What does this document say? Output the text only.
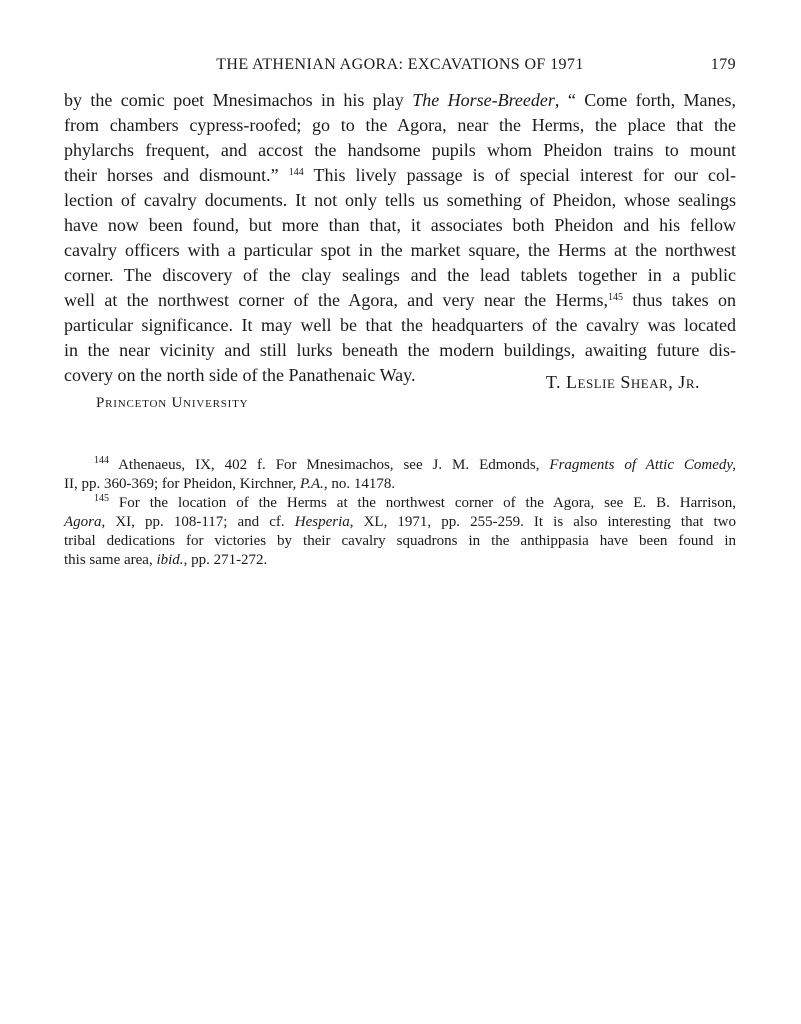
THE ATHENIAN AGORA: EXCAVATIONS OF 1971	179
by the comic poet Mnesimachos in his play The Horse-Breeder, “ Come forth, Manes,
from chambers cypress-roofed; go to the Agora, near the Herms, the place that the
phylarchs frequent, and accost the handsome pupils whom Pheidon trains to mount
their horses and dismount.” $^{144}$ This lively passage is of special interest for our col-
lection of cavalry documents. It not only tells us something of Pheidon, whose sealings
have now been found, but more than that, it associates both Pheidon and his fellow
cavalry officers with a particular spot in the market square, the Herms at the northwest
corner. The discovery of the clay sealings and the lead tablets together in a public
well at the northwest corner of the Agora, and very near the Herms,$^{145}$ thus takes on
particular significance. It may well be that the headquarters of the cavalry was located
in the near vicinity and still lurks beneath the modern buildings, awaiting future dis-
covery on the north side of the Panathenaic Way.	T. Leslie Shear, Jr.
Princeton University
$^{144}$ Athenaeus, IX, 402 f. For Mnesimachos, see J. M. Edmonds, Fragments of Attic Comedy,
II, pp. 360-369; for Pheidon, Kirchner, P.A., no. 14178.
$^{145}$ For the location of the Herms at the northwest corner of the Agora, see E. B. Harrison,
Agora, XI, pp. 108-117; and cf. Hesperia, XL, 1971, pp. 255-259. It is also interesting that two
tribal dedications for victories by their cavalry squadrons in the anthippasia have been found in
this same area, ibid., pp. 271-272.
